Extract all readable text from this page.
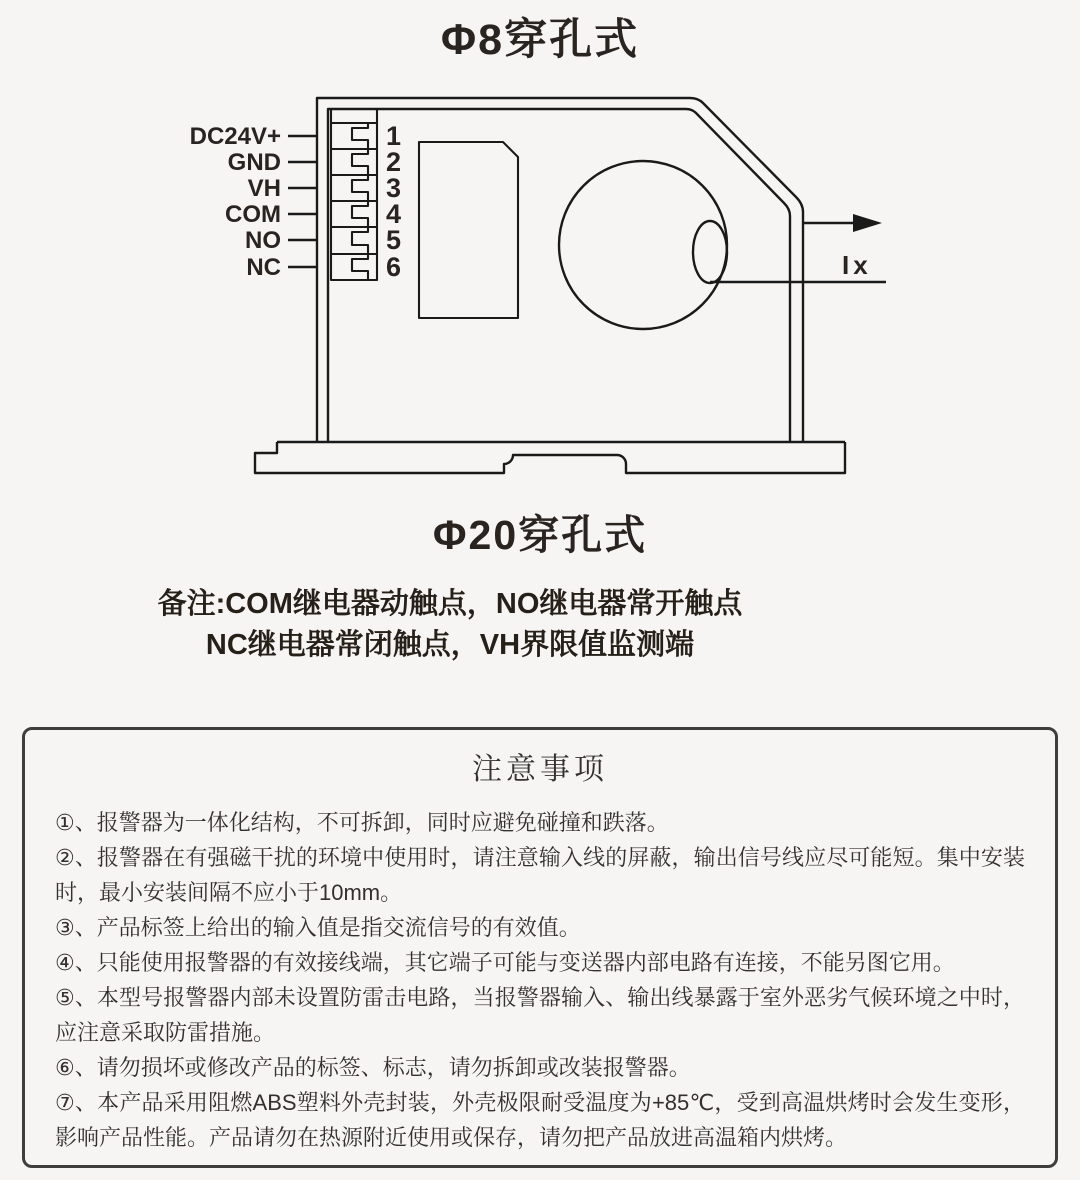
Φ8穿孔式
DC24V+
GND
VH
COM
NO
NC
1
2
3
4
5
6	Ix
Φ20穿孔式
备注:COM继电器动触点，NO继电器常开触点
NC继电器常闭触点，VH界限值监测端
注意事项

①、报警器为一体化结构，不可拆卸，同时应避免碰撞和跌落。

②、报警器在有强磁干扰的环境中使用时，请注意输入线的屏蔽，输出信号线应尽可能短。集中安装时，最小安装间隔不应小于10mm。

③、产品标签上给出的输入值是指交流信号的有效值。

④、只能使用报警器的有效接线端，其它端子可能与变送器内部电路有连接，不能另图它用。

⑤、本型号报警器内部未设置防雷击电路，当报警器输入、输出线暴露于室外恶劣气候环境之中时，应注意采取防雷措施。

⑥、请勿损坏或修改产品的标签、标志，请勿拆卸或改装报警器。

⑦、本产品采用阻燃ABS塑料外壳封装，外壳极限耐受温度为+85℃，受到高温烘烤时会发生变形，影响产品性能。产品请勿在热源附近使用或保存，请勿把产品放进高温箱内烘烤。
